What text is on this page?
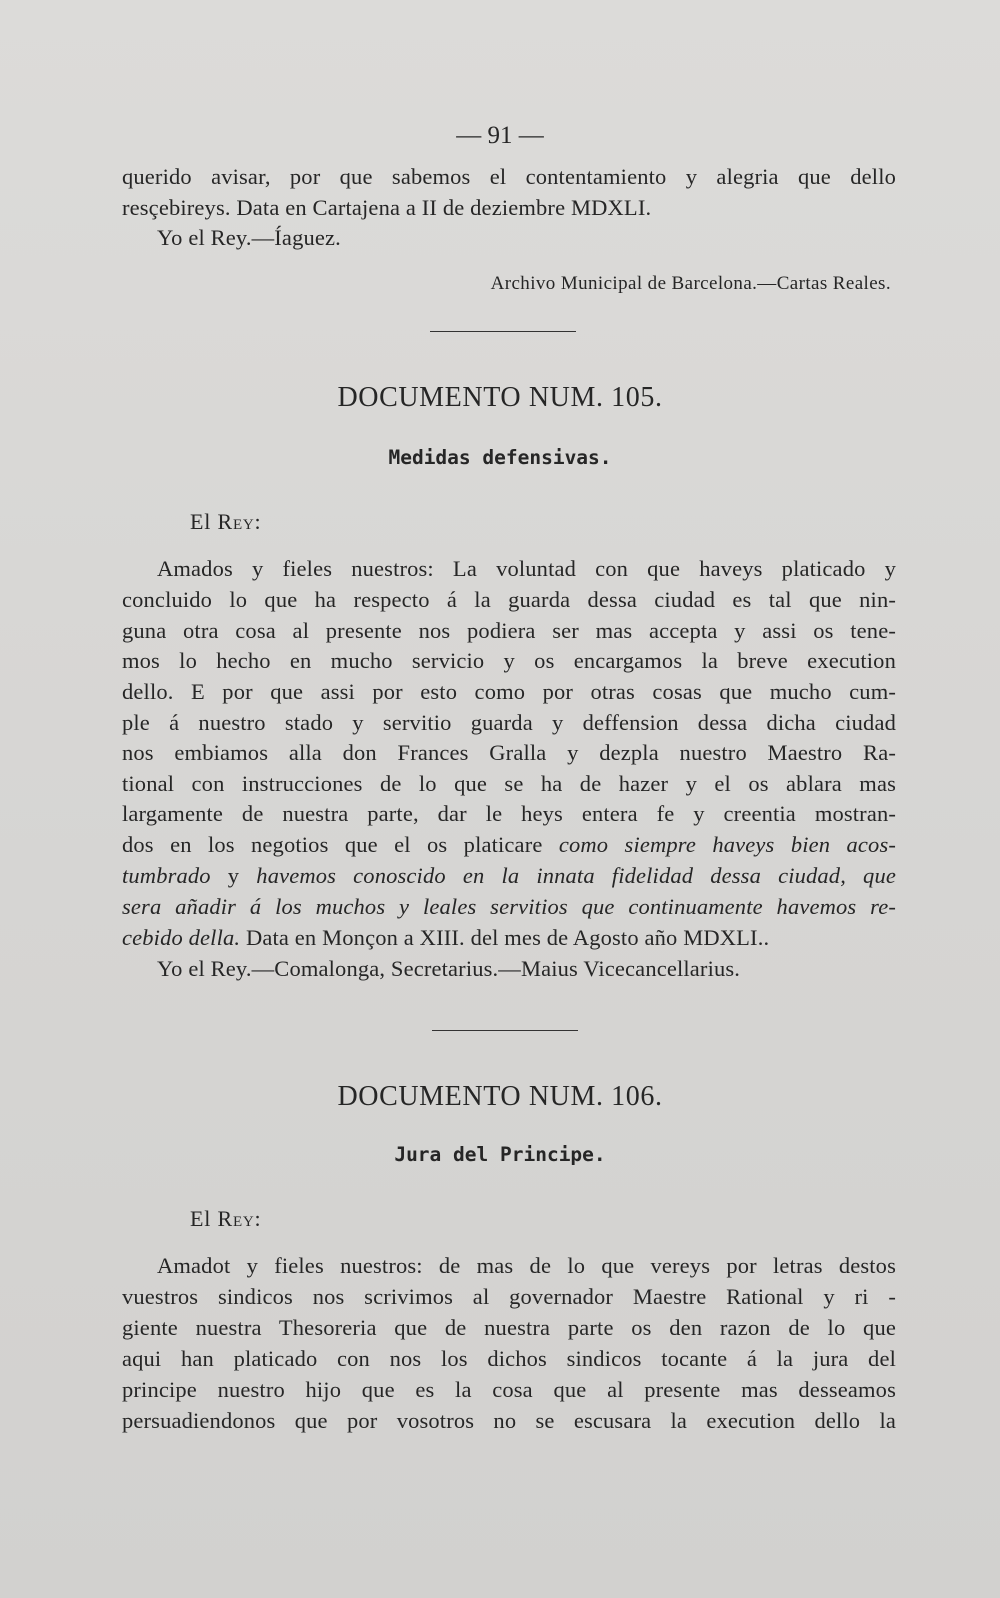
— 91 —
querido avisar, por que sabemos el contentamiento y alegria que dello
resçebireys. Data en Cartajena a II de deziembre MDXLI.
Yo el Rey.—Íaguez.
Archivo Municipal de Barcelona.—Cartas Reales.
DOCUMENTO NUM. 105.
Medidas defensivas.
El Rey:
Amados y fieles nuestros: La voluntad con que haveys platicado y
concluido lo que ha respecto á la guarda dessa ciudad es tal que nin-
guna otra cosa al presente nos podiera ser mas accepta y assi os tene-
mos lo hecho en mucho servicio y os encargamos la breve execution
dello. E por que assi por esto como por otras cosas que mucho cum-
ple á nuestro stado y servitio guarda y deffension dessa dicha ciudad
nos embiamos alla don Frances Gralla y dezpla nuestro Maestro Ra-
tional con instrucciones de lo que se ha de hazer y el os ablara mas
largamente de nuestra parte, dar le heys entera fe y creentia mostran-
dos en los negotios que el os platicare como siempre haveys bien acos-
tumbrado y havemos conoscido en la innata fidelidad dessa ciudad, que
sera añadir á los muchos y leales servitios que continuamente havemos re-
cebido della. Data en Monçon a XIII. del mes de Agosto año MDXLI..
Yo el Rey.—Comalonga, Secretarius.—Maius Vicecancellarius.
DOCUMENTO NUM. 106.
Jura del Principe.
El Rey:
Amadot y fieles nuestros: de mas de lo que vereys por letras destos
vuestros sindicos nos scrivimos al governador Maestre Rational y ri -
giente nuestra Thesoreria que de nuestra parte os den razon de lo que
aqui han platicado con nos los dichos sindicos tocante á la jura del
principe nuestro hijo que es la cosa que al presente mas desseamos
persuadiendonos que por vosotros no se escusara la execution dello la
